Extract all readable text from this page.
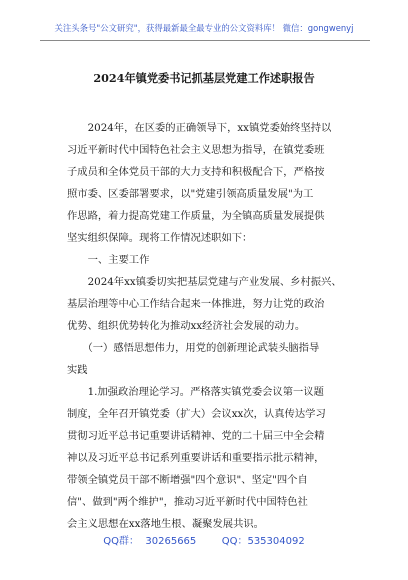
关注头条号"公文研究"，获得最新最全最专业的公文资料库！ 微信：gongwenyj
2024年镇党委书记抓基层党建工作述职报告
　　2024年，在区委的正确领导下，xx镇党委始终坚持以
习近平新时代中国特色社会主义思想为指导，在镇党委班
子成员和全体党员干部的大力支持和积极配合下，严格按
照市委、区委部署要求，以"党建引领高质量发展"为工
作思路，着力提高党建工作质量，为全镇高质量发展提供
坚实组织保障。现将工作情况述职如下：
　　一、主要工作
　　2024年xx镇委切实把基层党建与产业发展、乡村振兴、
基层治理等中心工作结合起来一体推进，努力让党的政治
优势、组织优势转化为推动xx经济社会发展的动力。
　　（一）感悟思想伟力，用党的创新理论武装头脑指导
实践
　　1.加强政治理论学习。严格落实镇党委会议第一议题
制度，全年召开镇党委（扩大）会议xx次，认真传达学习
贯彻习近平总书记重要讲话精神、党的二十届三中全会精
神以及习近平总书记系列重要讲话和重要指示批示精神，
带领全镇党员干部不断增强"四个意识"、坚定"四个自
信"、做到"两个维护"，推动习近平新时代中国特色社
会主义思想在xx落地生根、凝聚发展共识。
QQ群：  30265665        QQ：535304092
